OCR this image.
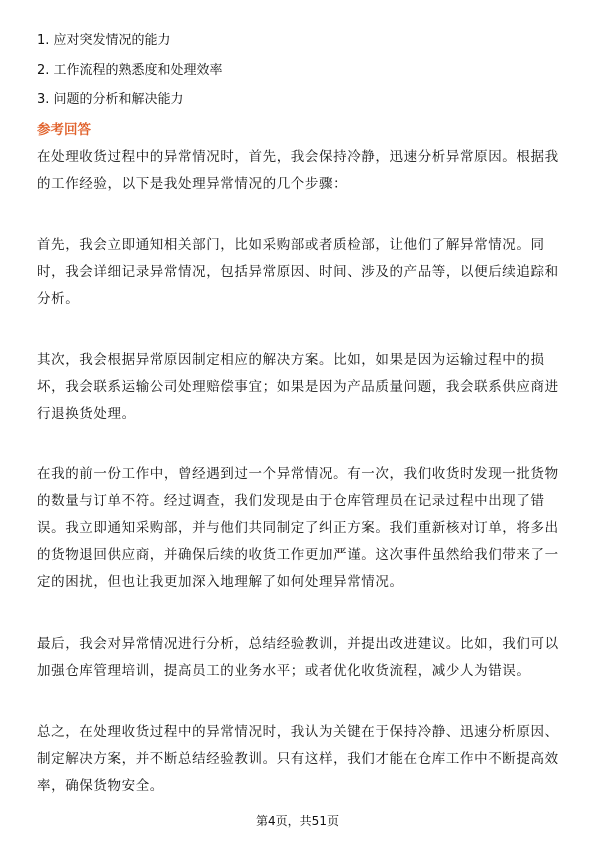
1. 应对突发情况的能力
2. 工作流程的熟悉度和处理效率
3. 问题的分析和解决能力
参考回答
在处理收货过程中的异常情况时，首先，我会保持冷静，迅速分析异常原因。根据我的工作经验，以下是我处理异常情况的几个步骤：
首先，我会立即通知相关部门，比如采购部或者质检部，让他们了解异常情况。同时，我会详细记录异常情况，包括异常原因、时间、涉及的产品等，以便后续追踪和分析。
其次，我会根据异常原因制定相应的解决方案。比如，如果是因为运输过程中的损坏，我会联系运输公司处理赔偿事宜；如果是因为产品质量问题，我会联系供应商进行退换货处理。
在我的前一份工作中，曾经遇到过一个异常情况。有一次，我们收货时发现一批货物的数量与订单不符。经过调查，我们发现是由于仓库管理员在记录过程中出现了错误。我立即通知采购部，并与他们共同制定了纠正方案。我们重新核对订单，将多出的货物退回供应商，并确保后续的收货工作更加严谨。这次事件虽然给我们带来了一定的困扰，但也让我更加深入地理解了如何处理异常情况。
最后，我会对异常情况进行分析，总结经验教训，并提出改进建议。比如，我们可以加强仓库管理培训，提高员工的业务水平；或者优化收货流程，减少人为错误。
总之，在处理收货过程中的异常情况时，我认为关键在于保持冷静、迅速分析原因、制定解决方案，并不断总结经验教训。只有这样，我们才能在仓库工作中不断提高效率，确保货物安全。
第4页，共51页
